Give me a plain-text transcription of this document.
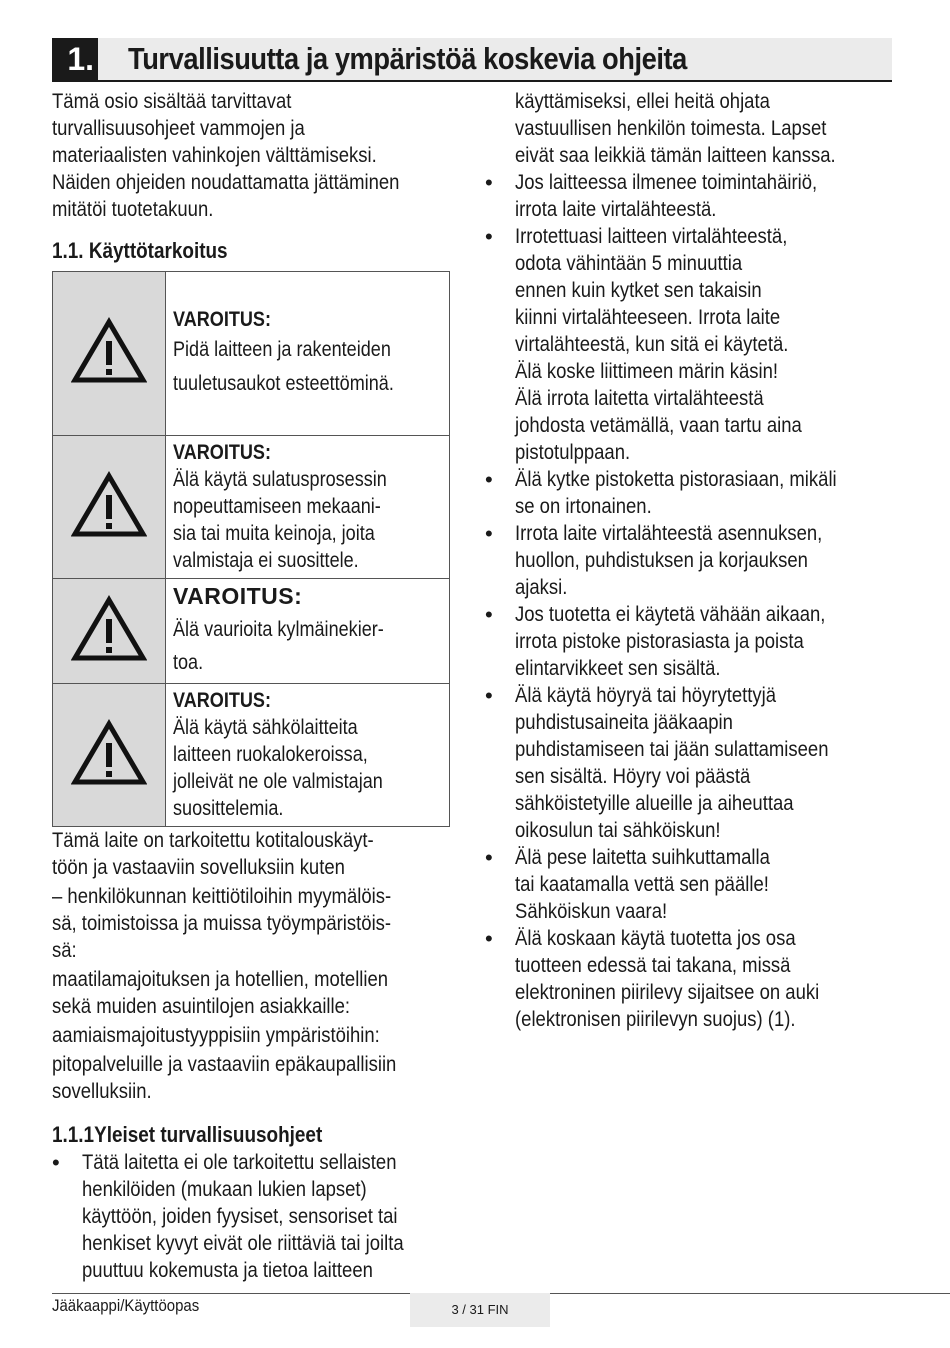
1. Turvallisuutta ja ympäristöä koskevia ohjeita
Tämä osio sisältää tarvittavat
turvallisuusohjeet vammojen ja
materiaalisten vahinkojen välttämiseksi.
Näiden ohjeiden noudattamatta jättäminen
mitätöi tuotetakuun.
1.1. Käyttötarkoitus

VAROITUS:
Pidä laitteen ja rakenteiden
tuuletusaukot esteettöminä.

VAROITUS:
Älä käytä sulatusprosessin
nopeuttamiseen mekaani-
sia tai muita keinoja, joita
valmistaja ei suosittele.

VAROITUS:
Älä vaurioita kylmäinekier-
toa.

VAROITUS:
Älä käytä sähkölaitteita
laitteen ruokalokeroissa,
jolleivät ne ole valmistajan
suosittelemia.
Tämä laite on tarkoitettu kotitalouskäyt-
töön ja vastaaviin sovelluksiin kuten
– henkilökunnan keittiötiloihin myymälöis-
sä, toimistoissa ja muissa työympäristöis-
sä:
maatilamajoituksen ja hotellien, motellien
sekä muiden asuintilojen asiakkaille:
aamiaismajoitustyyppisiin ympäristöihin:
pitopalveluille ja vastaaviin epäkaupallisiin
sovelluksiin.
1.1.1Yleiset turvallisuusohjeet
• Tätä laitetta ei ole tarkoitettu sellaisten
henkilöiden (mukaan lukien lapset)
käyttöön, joiden fyysiset, sensoriset tai
henkiset kyvyt eivät ole riittäviä tai joilta
puuttuu kokemusta ja tietoa laitteen
käyttämiseksi, ellei heitä ohjata
vastuullisen henkilön toimesta. Lapset
eivät saa leikkiä tämän laitteen kanssa.
• Jos laitteessa ilmenee toimintahäiriö,
irrota laite virtalähteestä.
• Irrotettuasi laitteen virtalähteestä,
odota vähintään 5 minuuttia
ennen kuin kytket sen takaisin
kiinni virtalähteeseen. Irrota laite
virtalähteestä, kun sitä ei käytetä.
Älä koske liittimeen märin käsin!
Älä irrota laitetta virtalähteestä
johdosta vetämällä, vaan tartu aina
pistotulppaan.
• Älä kytke pistoketta pistorasiaan, mikäli
se on irtonainen.
• Irrota laite virtalähteestä asennuksen,
huollon, puhdistuksen ja korjauksen
ajaksi.
• Jos tuotetta ei käytetä vähään aikaan,
irrota pistoke pistorasiasta ja poista
elintarvikkeet sen sisältä.
• Älä käytä höyryä tai höyrytettyjä
puhdistusaineita jääkaapin
puhdistamiseen tai jään sulattamiseen
sen sisältä. Höyry voi päästä
sähköistetyille alueille ja aiheuttaa
oikosulun tai sähköiskun!
• Älä pese laitetta suihkuttamalla
tai kaatamalla vettä sen päälle!
Sähköiskun vaara!
• Älä koskaan käytä tuotetta jos osa
tuotteen edessä tai takana, missä
elektroninen piirilevy sijaitsee on auki
(elektronisen piirilevyn suojus) (1).
Jääkaappi/Käyttöopas	3 / 31 FIN
